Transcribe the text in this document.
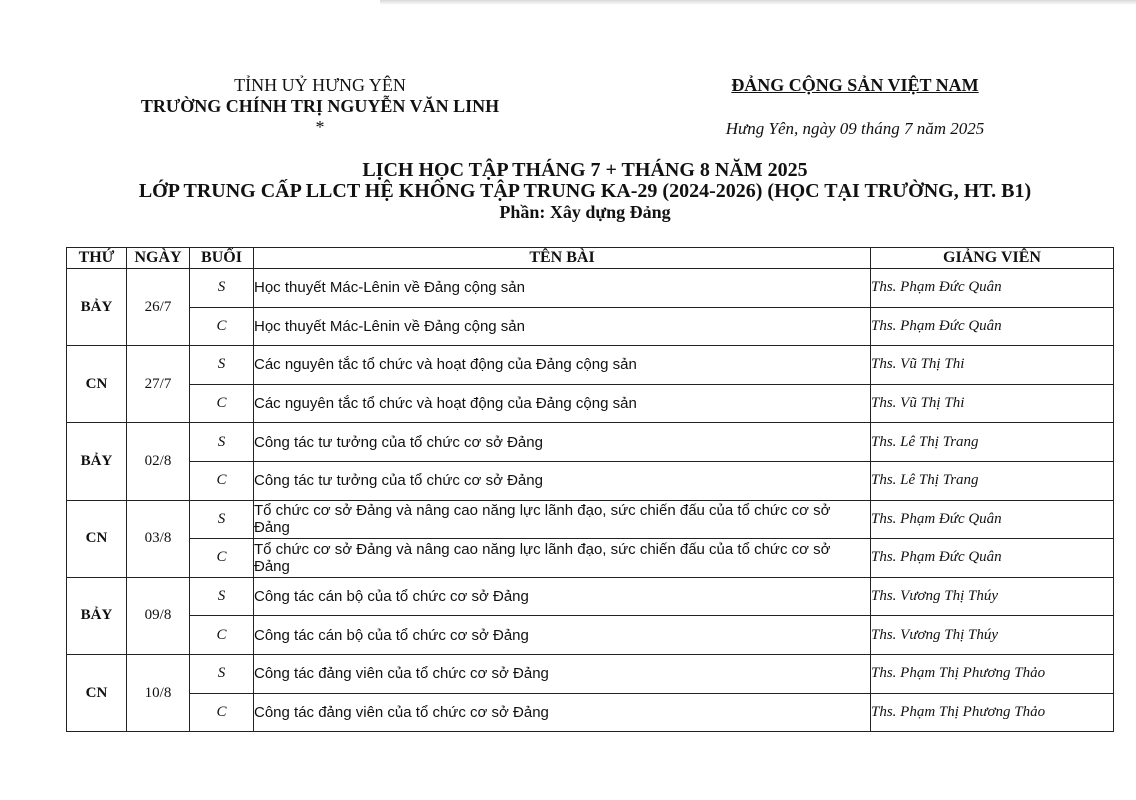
TỈNH UỶ HƯNG YÊN
TRƯỜNG CHÍNH TRỊ NGUYỄN VĂN LINH
*
ĐẢNG CỘNG SẢN VIỆT NAM
Hưng Yên, ngày 09 tháng 7 năm 2025
LỊCH HỌC TẬP THÁNG 7 + THÁNG 8 NĂM 2025
LỚP TRUNG CẤP LLCT HỆ KHÔNG TẬP TRUNG KA-29 (2024-2026) (HỌC TẠI TRƯỜNG, HT. B1)
Phần: Xây dựng Đảng
THỨ	NGÀY	BUỔI	TÊN BÀI	GIẢNG VIÊN
BẢY	26/7	S	Học thuyết Mác-Lênin về Đảng cộng sản	Ths. Phạm Đức Quân
		C	Học thuyết Mác-Lênin về Đảng cộng sản	Ths. Phạm Đức Quân
CN	27/7	S	Các nguyên tắc tổ chức và hoạt động của Đảng cộng sản	Ths. Vũ Thị Thi
		C	Các nguyên tắc tổ chức và hoạt động của Đảng cộng sản	Ths. Vũ Thị Thi
BẢY	02/8	S	Công tác tư tưởng của tổ chức cơ sở Đảng	Ths. Lê Thị Trang
		C	Công tác tư tưởng của tổ chức cơ sở Đảng	Ths. Lê Thị Trang
CN	03/8	S	Tổ chức cơ sở Đảng và nâng cao năng lực lãnh đạo, sức chiến đấu của tổ chức cơ sở Đảng	Ths. Phạm Đức Quân
		C	Tổ chức cơ sở Đảng và nâng cao năng lực lãnh đạo, sức chiến đấu của tổ chức cơ sở Đảng	Ths. Phạm Đức Quân
BẢY	09/8	S	Công tác cán bộ của tổ chức cơ sở Đảng	Ths. Vương Thị Thúy
		C	Công tác cán bộ của tổ chức cơ sở Đảng	Ths. Vương Thị Thúy
CN	10/8	S	Công tác đảng viên của tổ chức cơ sở Đảng	Ths. Phạm Thị Phương Thảo
		C	Công tác đảng viên của tổ chức cơ sở Đảng	Ths. Phạm Thị Phương Thảo
